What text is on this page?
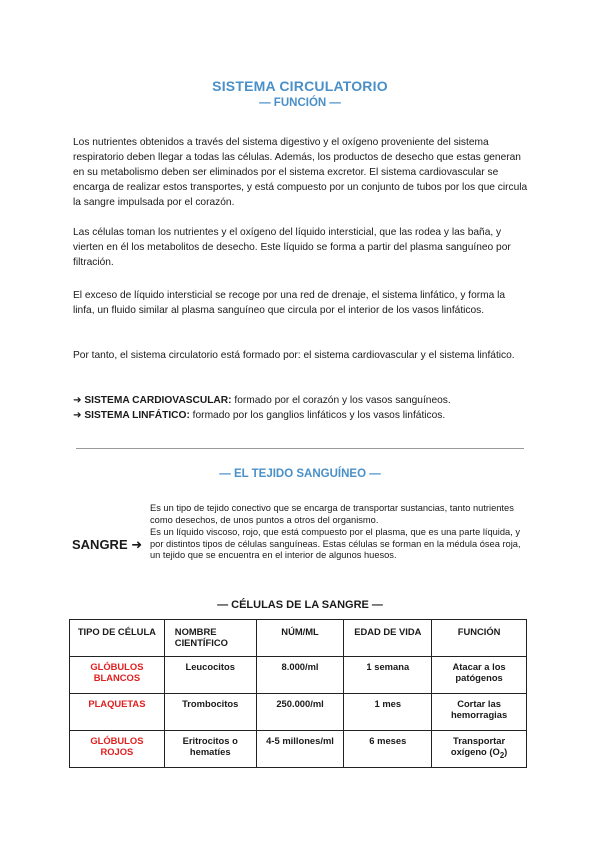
SISTEMA CIRCULATORIO
— FUNCIÓN —

Los nutrientes obtenidos a través del sistema digestivo y el oxígeno proveniente del sistema respiratorio deben llegar a todas las células. Además, los productos de desecho que estas generan en su metabolismo deben ser eliminados por el sistema excretor. El sistema cardiovascular se encarga de realizar estos transportes, y está compuesto por un conjunto de tubos por los que circula la sangre impulsada por el corazón.

Las células toman los nutrientes y el oxígeno del líquido intersticial, que las rodea y las baña, y vierten en él los metabolitos de desecho. Este líquido se forma a partir del plasma sanguíneo por filtración.

El exceso de líquido intersticial se recoge por una red de drenaje, el sistema linfático, y forma la linfa, un fluido similar al plasma sanguíneo que circula por el interior de los vasos linfáticos.

Por tanto, el sistema circulatorio está formado por: el sistema cardiovascular y el sistema linfático.

➜ SISTEMA CARDIOVASCULAR: formado por el corazón y los vasos sanguíneos.
➜ SISTEMA LINFÁTICO: formado por los ganglios linfáticos y los vasos linfáticos.
— EL TEJIDO SANGUÍNEO —
SANGRE ➜

Es un tipo de tejido conectivo que se encarga de transportar sustancias, tanto nutrientes como desechos, de unos puntos a otros del organismo.

Es un líquido viscoso, rojo, que está compuesto por el plasma, que es una parte líquida, y por distintos tipos de células sanguíneas. Estas células se forman en la médula ósea roja, un tejido que se encuentra en el interior de algunos huesos.

— CÉLULAS DE LA SANGRE —
TIPO DE CÉLULA	NOMBRE CIENTÍFICO	NÚM/ML	EDAD DE VIDA	FUNCIÓN
GLÓBULOS BLANCOS	Leucocitos	8.000/ml	1 semana	Atacar a los patógenos
PLAQUETAS	Trombocitos	250.000/ml	1 mes	Cortar las hemorragias
GLÓBULOS ROJOS	Eritrocitos o hematíes	4-5 millones/ml	6 meses	Transportar oxígeno $(O_2)$
